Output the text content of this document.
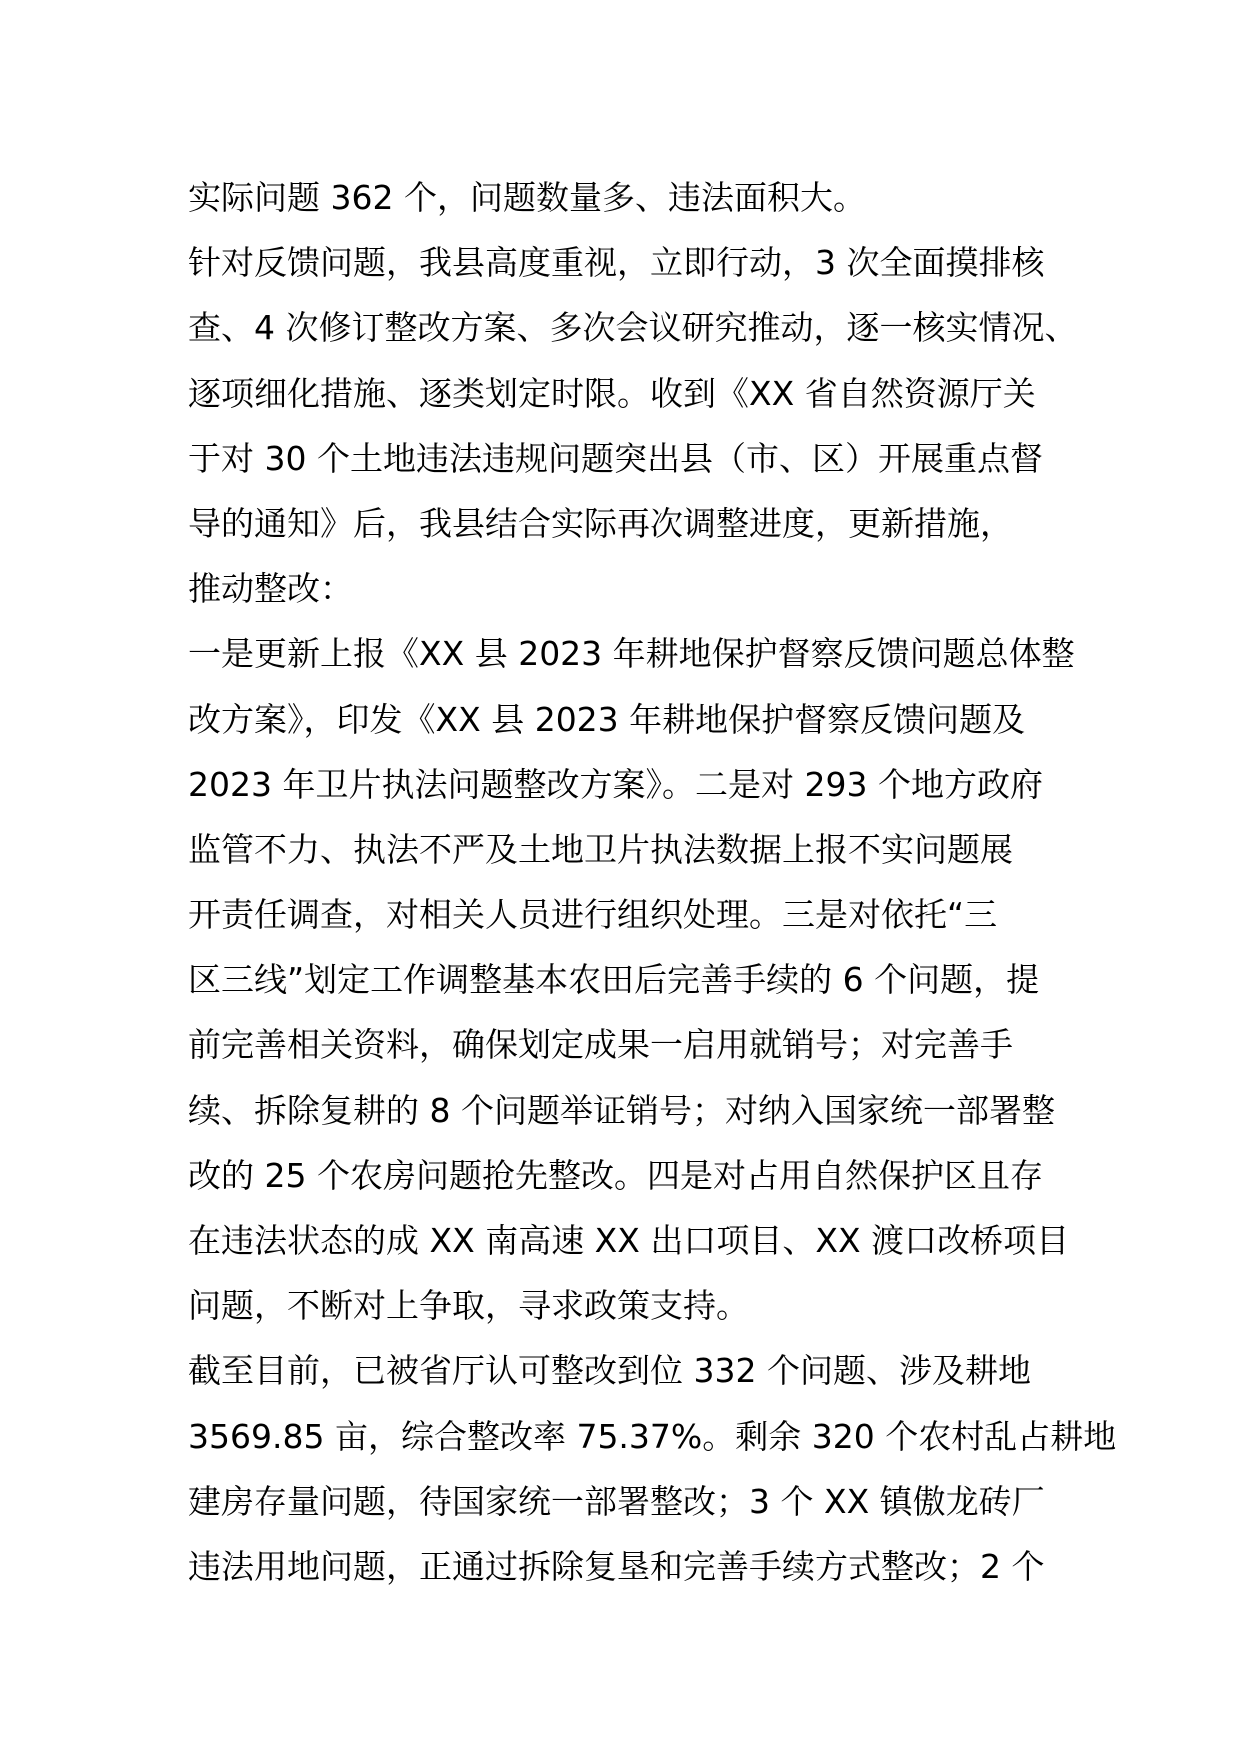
实际问题 362 个，问题数量多、违法面积大。
针对反馈问题，我县高度重视，立即行动，3 次全面摸排核
查、4 次修订整改方案、多次会议研究推动，逐一核实情况、
逐项细化措施、逐类划定时限。收到《XX 省自然资源厅关
于对 30 个土地违法违规问题突出县（市、区）开展重点督
导的通知》后，我县结合实际再次调整进度，更新措施，
推动整改：
一是更新上报《XX 县 2023 年耕地保护督察反馈问题总体整
改方案》，印发《XX 县 2023 年耕地保护督察反馈问题及
2023 年卫片执法问题整改方案》。二是对 293 个地方政府
监管不力、执法不严及土地卫片执法数据上报不实问题展
开责任调查，对相关人员进行组织处理。三是对依托“三
区三线”划定工作调整基本农田后完善手续的 6 个问题，提
前完善相关资料，确保划定成果一启用就销号；对完善手
续、拆除复耕的 8 个问题举证销号；对纳入国家统一部署整
改的 25 个农房问题抢先整改。四是对占用自然保护区且存
在违法状态的成 XX 南高速 XX 出口项目、XX 渡口改桥项目
问题，不断对上争取，寻求政策支持。
截至目前，已被省厅认可整改到位 332 个问题、涉及耕地
3569.85 亩，综合整改率 75.37%。剩余 320 个农村乱占耕地
建房存量问题，待国家统一部署整改；3 个 XX 镇傲龙砖厂
违法用地问题，正通过拆除复垦和完善手续方式整改；2 个
